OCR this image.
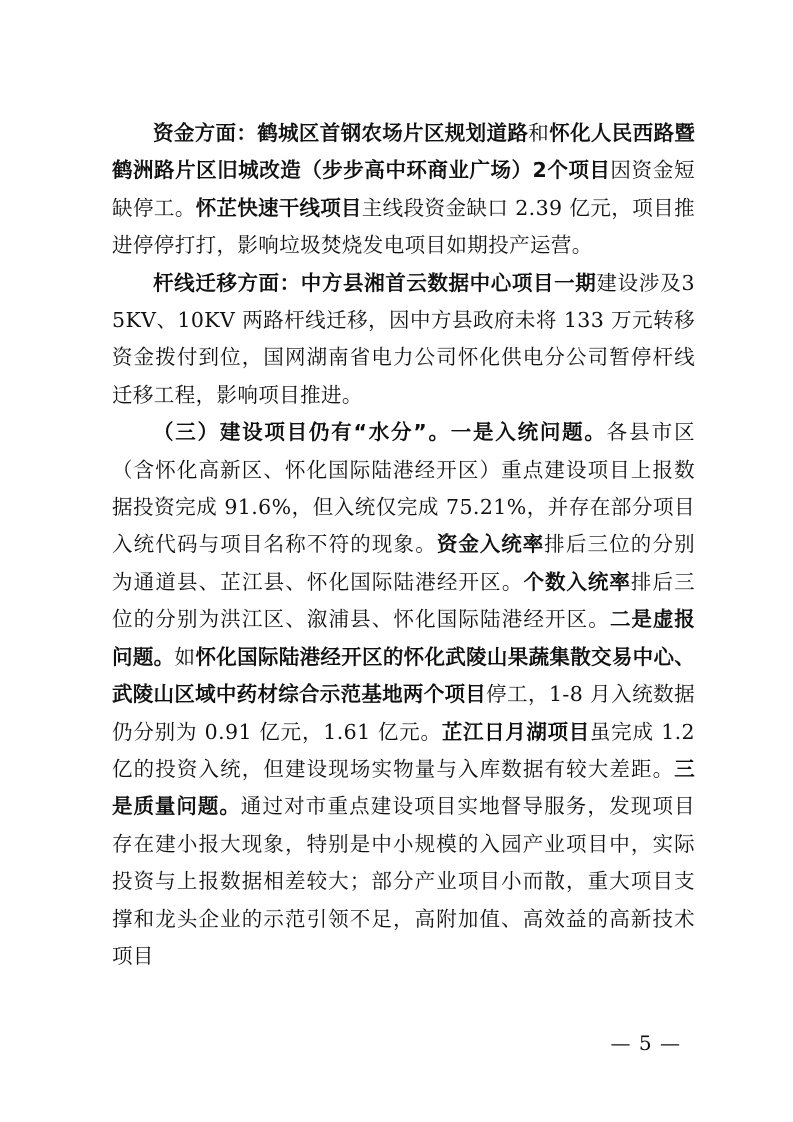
资金方面：鹤城区首钢农场片区规划道路和怀化人民西路暨鹤洲路片区旧城改造（步步高中环商业广场）2个项目因资金短缺停工。怀芷快速干线项目主线段资金缺口 2.39 亿元，项目推进停停打打，影响垃圾焚烧发电项目如期投产运营。

杆线迁移方面：中方县湘首云数据中心项目一期建设涉及35KV、10KV 两路杆线迁移，因中方县政府未将 133 万元转移资金拨付到位，国网湖南省电力公司怀化供电分公司暂停杆线迁移工程，影响项目推进。

（三）建设项目仍有“水分”。一是入统问题。各县市区（含怀化高新区、怀化国际陆港经开区）重点建设项目上报数据投资完成 91.6%，但入统仅完成 75.21%，并存在部分项目入统代码与项目名称不符的现象。资金入统率排后三位的分别为通道县、芷江县、怀化国际陆港经开区。个数入统率排后三位的分别为洪江区、溆浦县、怀化国际陆港经开区。二是虚报问题。如怀化国际陆港经开区的怀化武陵山果蔬集散交易中心、武陵山区域中药材综合示范基地两个项目停工，1-8 月入统数据仍分别为 0.91 亿元，1.61 亿元。芷江日月湖项目虽完成 1.2 亿的投资入统，但建设现场实物量与入库数据有较大差距。三是质量问题。通过对市重点建设项目实地督导服务，发现项目存在建小报大现象，特别是中小规模的入园产业项目中，实际投资与上报数据相差较大；部分产业项目小而散，重大项目支撑和龙头企业的示范引领不足，高附加值、高效益的高新技术项目

— 5 —
